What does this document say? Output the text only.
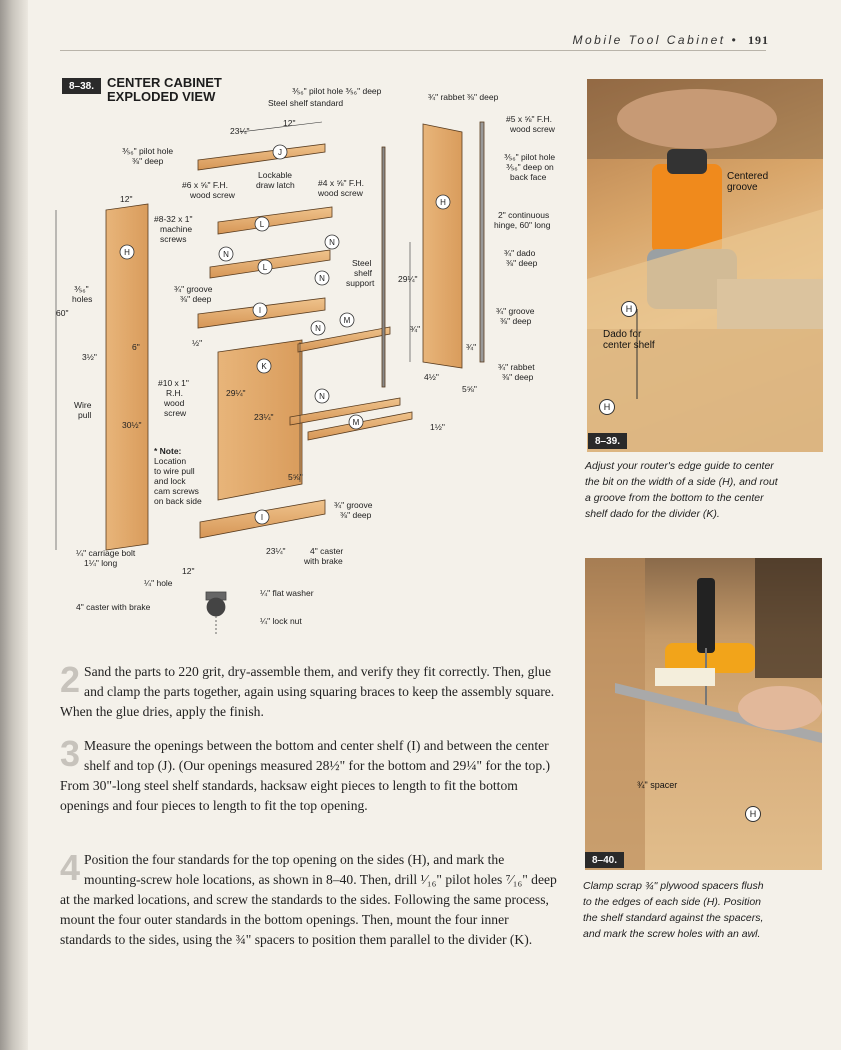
Mobile Tool Cabinet • 191
8–38. CENTER CABINET
EXPLODED VIEW
H
J
L
L
N
N
N
I
N
M
K
N
M
I
H
⅗₆" pilot hole ⅗₆" deep
Steel shelf standard
¾" rabbet ⅜" deep
12"
23¼"
⅗₆" pilot hole
⅜" deep
#6 x ⅝" F.H.
wood screw
Lockable
draw latch	#4 x ⅝" F.H.
wood screw
#5 x ⅝" F.H.
wood screw
⅗₆" pilot hole
⅗₆" deep on
back face
12"
#8-32 x 1"
machine
screws
2" continuous
hinge, 60" long
¾" dado
⅜" deep
Steel
shelf
support
⅗₆"
holes
¾" groove
⅜" deep
60"
29¼"
¾" groove
⅜" deep
3½"
6"	½"
¾"
¾"
¾" rabbet
⅜" deep
#10 x 1"
R.H.
wood
screw
Wire
pull
29¼"
23¼"
4½"
5⅝"
30½"	1½"
* Note:
Location
to wire pull
and lock
cam screws
on back side
5⅝"
¾" groove
⅜" deep
¼" carriage bolt
1¼" long
23¼"	4" caster
with brake
12"
¼" hole
¼" flat washer
4" caster with brake
¼" lock nut
H
H
Centered
groove
Dado for
center shelf
8–39.
Adjust your router's edge guide to center the bit on the width of a side (H), and rout a groove from the bottom to the center shelf dado for the divider (K).
H
¾" spacer
8–40.
Clamp scrap ¾" plywood spacers flush to the edges of each side (H). Position the shelf standard against the spacers, and mark the screw holes with an awl.
2 Sand the parts to 220 grit, dry-assemble them, and verify they fit correctly. Then, glue and clamp the parts together, again using squaring braces to keep the assembly square. When the glue dries, apply the finish.
3 Measure the openings between the bottom and center shelf (I) and between the center shelf and top (J). (Our openings measured 28½" for the bottom and 29¼" for the top.) From 30"-long steel shelf standards, hacksaw eight pieces to length to fit the bottom openings and four pieces to length to fit the top opening.
4 Position the four standards for the top opening on the sides (H), and mark the mounting-screw hole locations, as shown in 8–40. Then, drill ¹⁄₁₆" pilot holes ⁷⁄₁₆" deep at the marked locations, and screw the standards to the sides. Following the same process, mount the four outer standards in the bottom openings. Then, mount the four inner standards to the sides, using the ¾" spacers to position them parallel to the divider (K).
